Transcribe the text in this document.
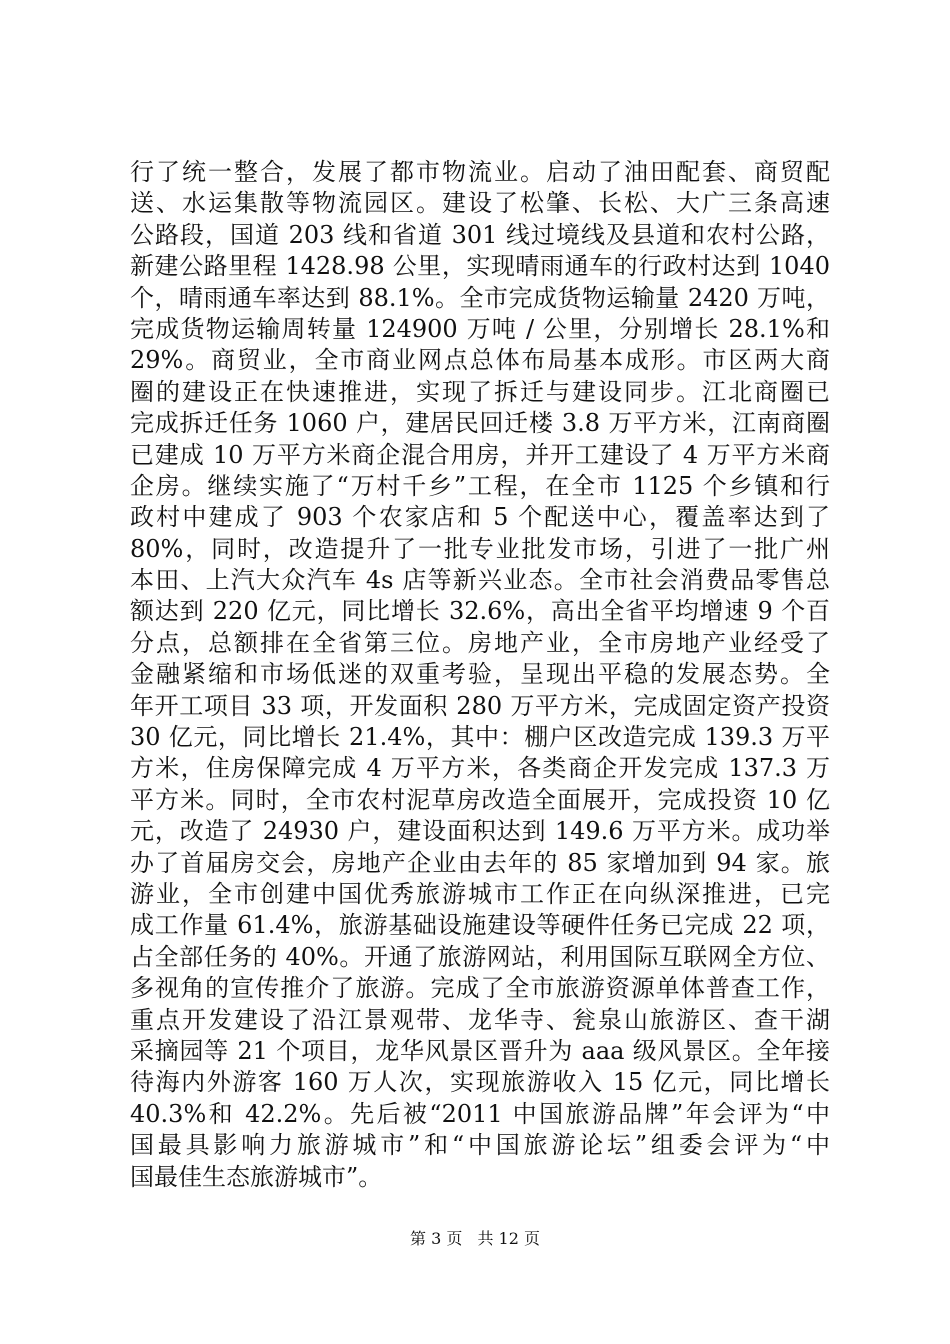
行了统一整合，发展了都市物流业。启动了油田配套、商贸配
送、水运集散等物流园区。建设了松肇、长松、大广三条高速
公路段，国道 203 线和省道 301 线过境线及县道和农村公路，
新建公路里程 1428.98 公里，实现晴雨通车的行政村达到 1040
个，晴雨通车率达到 88.1%。全市完成货物运输量 2420 万吨，
完成货物运输周转量 124900 万吨 / 公里，分别增长 28.1%和
29%。商贸业，全市商业网点总体布局基本成形。市区两大商
圈的建设正在快速推进，实现了拆迁与建设同步。江北商圈已
完成拆迁任务 1060 户，建居民回迁楼 3.8 万平方米，江南商圈
已建成 10 万平方米商企混合用房，并开工建设了 4 万平方米商
企房。继续实施了“万村千乡”工程，在全市 1125 个乡镇和行
政村中建成了 903 个农家店和 5 个配送中心，覆盖率达到了
80%，同时，改造提升了一批专业批发市场，引进了一批广州
本田、上汽大众汽车 4s 店等新兴业态。全市社会消费品零售总
额达到 220 亿元，同比增长 32.6%，高出全省平均增速 9 个百
分点，总额排在全省第三位。房地产业，全市房地产业经受了
金融紧缩和市场低迷的双重考验，呈现出平稳的发展态势。全
年开工项目 33 项，开发面积 280 万平方米，完成固定资产投资
30 亿元，同比增长 21.4%，其中：棚户区改造完成 139.3 万平
方米，住房保障完成 4 万平方米，各类商企开发完成 137.3 万
平方米。同时，全市农村泥草房改造全面展开，完成投资 10 亿
元，改造了 24930 户，建设面积达到 149.6 万平方米。成功举
办了首届房交会，房地产企业由去年的 85 家增加到 94 家。旅
游业，全市创建中国优秀旅游城市工作正在向纵深推进，已完
成工作量 61.4%，旅游基础设施建设等硬件任务已完成 22 项，
占全部任务的 40%。开通了旅游网站，利用国际互联网全方位、
多视角的宣传推介了旅游。完成了全市旅游资源单体普查工作，
重点开发建设了沿江景观带、龙华寺、瓮泉山旅游区、查干湖
采摘园等 21 个项目，龙华风景区晋升为 aaa 级风景区。全年接
待海内外游客 160 万人次，实现旅游收入 15 亿元，同比增长
40.3%和 42.2%。先后被“2011 中国旅游品牌”年会评为“中
国最具影响力旅游城市”和“中国旅游论坛”组委会评为“中
国最佳生态旅游城市”。
第 3 页 共 12 页
